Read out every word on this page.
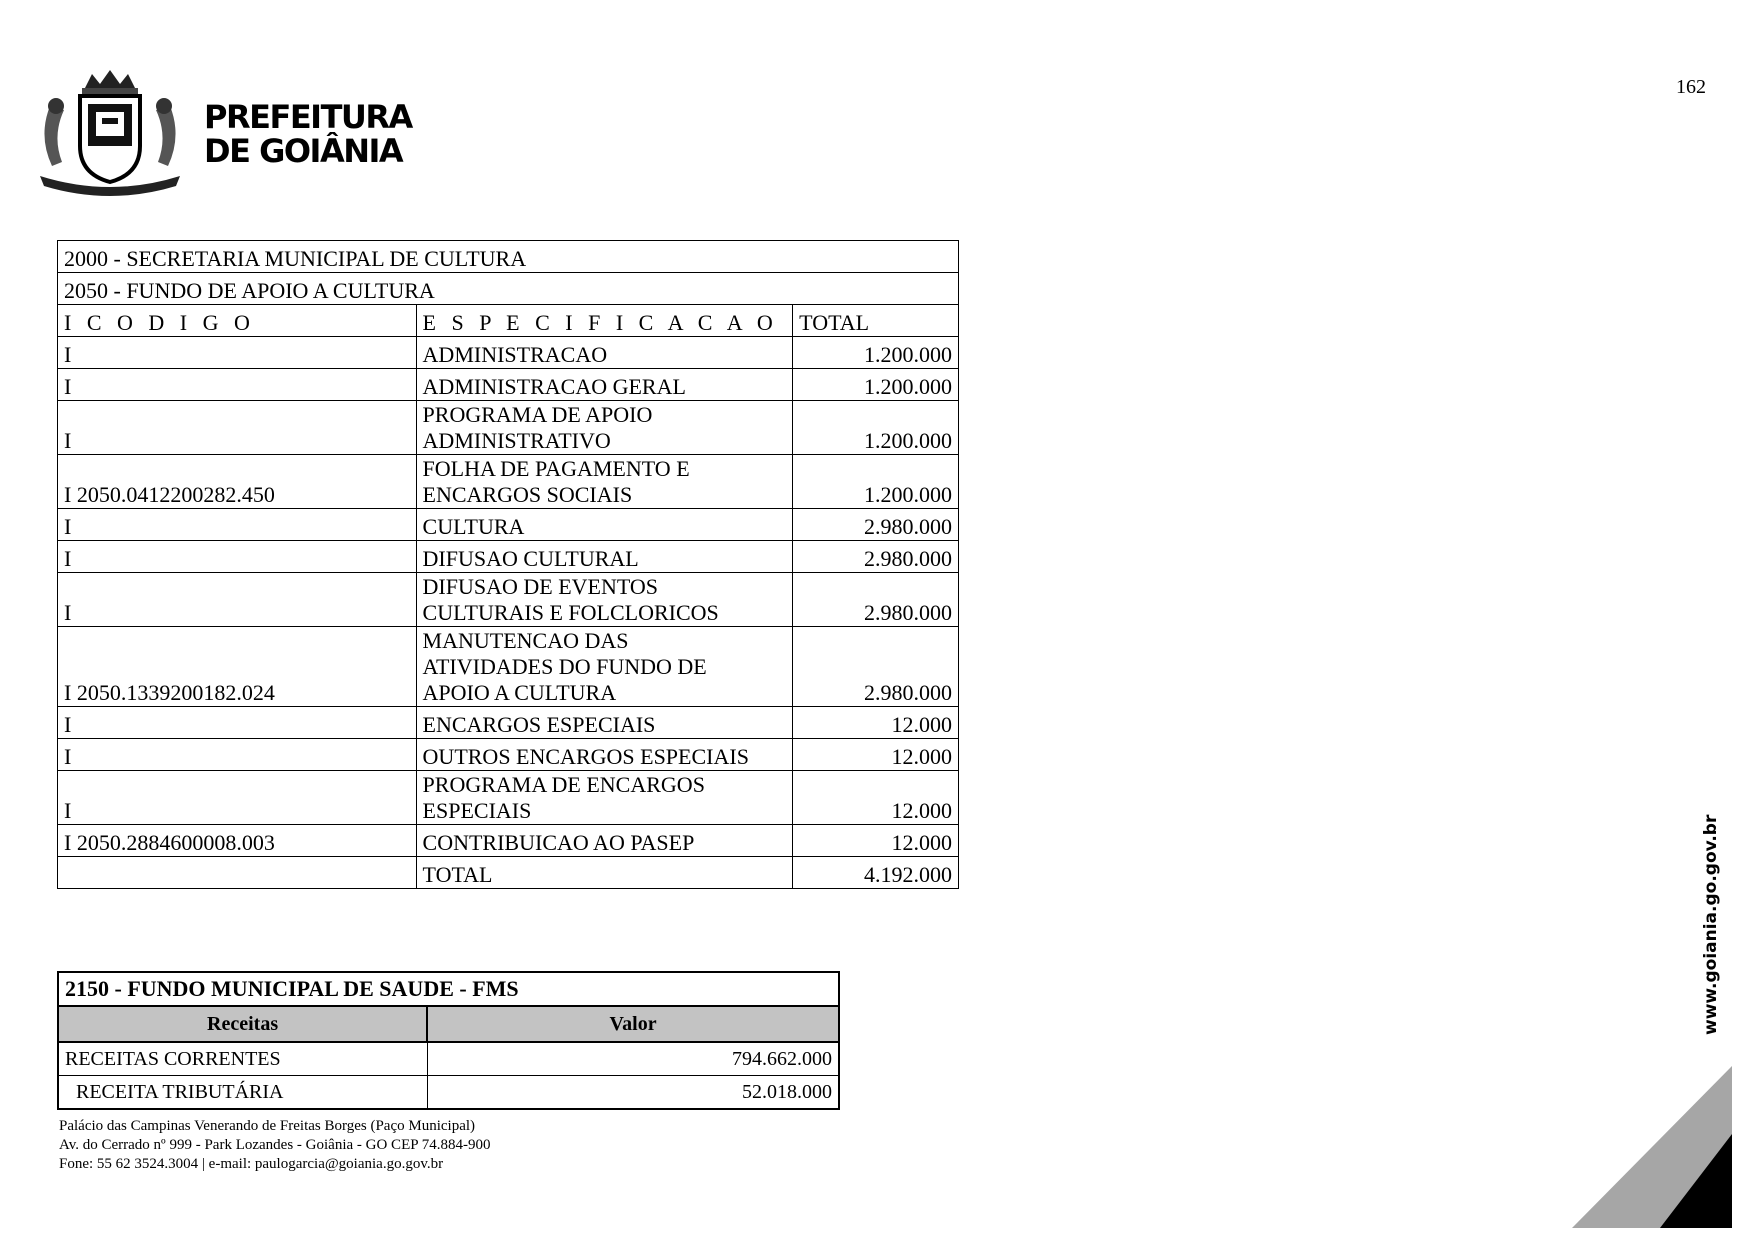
162
PREFEITURA
DE GOIÂNIA
2000 - SECRETARIA MUNICIPAL DE CULTURA		
2050 - FUNDO DE APOIO A CULTURA		
I C O D I G O	E S P E C I F I C A C A O	TOTAL
I	ADMINISTRACAO	1.200.000
I	ADMINISTRACAO GERAL	1.200.000
I	PROGRAMA DE APOIO ADMINISTRATIVO	1.200.000
I 2050.0412200282.450	FOLHA DE PAGAMENTO E ENCARGOS SOCIAIS	1.200.000
I	CULTURA	2.980.000
I	DIFUSAO CULTURAL	2.980.000
I	DIFUSAO DE EVENTOS CULTURAIS E FOLCLORICOS	2.980.000
I 2050.1339200182.024	MANUTENCAO DAS ATIVIDADES DO FUNDO DE APOIO A CULTURA	2.980.000
I	ENCARGOS ESPECIAIS	12.000
I	OUTROS ENCARGOS ESPECIAIS	12.000
I	PROGRAMA DE ENCARGOS ESPECIAIS	12.000
I 2050.2884600008.003	CONTRIBUICAO AO PASEP	12.000
	TOTAL	4.192.000
2150 - FUNDO MUNICIPAL DE SAUDE - FMS	
Receitas	Valor
RECEITAS CORRENTES	794.662.000
RECEITA TRIBUTÁRIA	52.018.000
Palácio das Campinas Venerando de Freitas Borges (Paço Municipal)
Av. do Cerrado nº 999 - Park Lozandes - Goiânia - GO CEP 74.884-900
Fone: 55 62 3524.3004 | e-mail: paulogarcia@goiania.go.gov.br
www.goiania.go.gov.br
